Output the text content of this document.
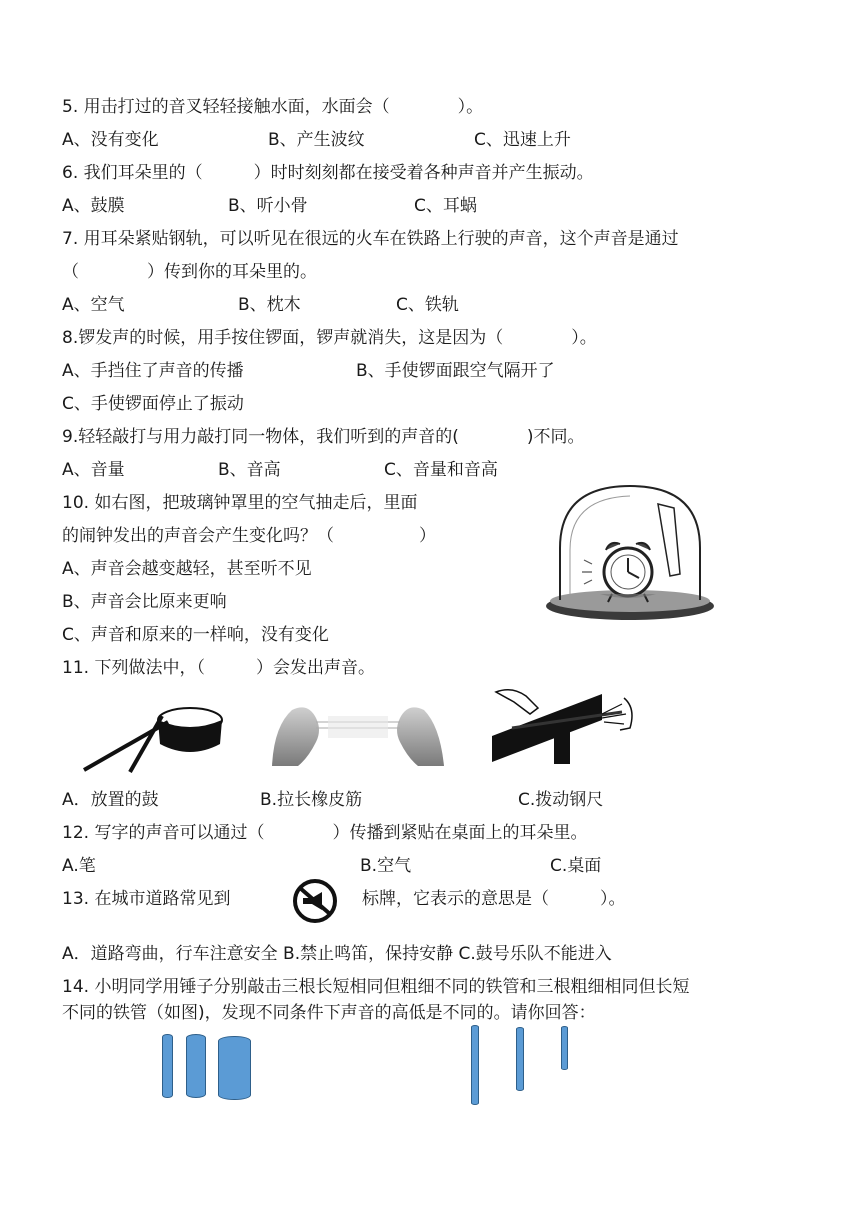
5. 用击打过的音叉轻轻接触水面，水面会（　　　　）。
A、没有变化	B、产生波纹	C、迅速上升
6. 我们耳朵里的（　　　）时时刻刻都在接受着各种声音并产生振动。
A、鼓膜	B、听小骨	C、耳蜗
7. 用耳朵紧贴钢轨，可以听见在很远的火车在铁路上行驶的声音，这个声音是通过
（　　　　）传到你的耳朵里的。
A、空气	B、枕木	C、铁轨
8.锣发声的时候，用手按住锣面，锣声就消失，这是因为（　　　　）。
A、手挡住了声音的传播	B、手使锣面跟空气隔开了
C、手使锣面停止了振动
9.轻轻敲打与用力敲打同一物体，我们听到的声音的(　　　　)不同。
A、音量	B、音高	C、音量和音高
10. 如右图，把玻璃钟罩里的空气抽走后，里面
的闹钟发出的声音会产生变化吗？（　　　　　）
A、声音会越变越轻，甚至听不见
B、声音会比原来更响
C、声音和原来的一样响，没有变化
11. 下列做法中，（　　　）会发出声音。
A．放置的鼓	B.拉长橡皮筋	C.拨动钢尺
12. 写字的声音可以通过（　　　　）传播到紧贴在桌面上的耳朵里。
A.笔	B.空气	C.桌面
13. 在城市道路常见到	标牌，它表示的意思是（　　　）。
A．道路弯曲，行车注意安全 B.禁止鸣笛，保持安静 C.鼓号乐队不能进入
14. 小明同学用锤子分别敲击三根长短相同但粗细不同的铁管和三根粗细相同但长短
不同的铁管（如图)，发现不同条件下声音的高低是不同的。请你回答：
